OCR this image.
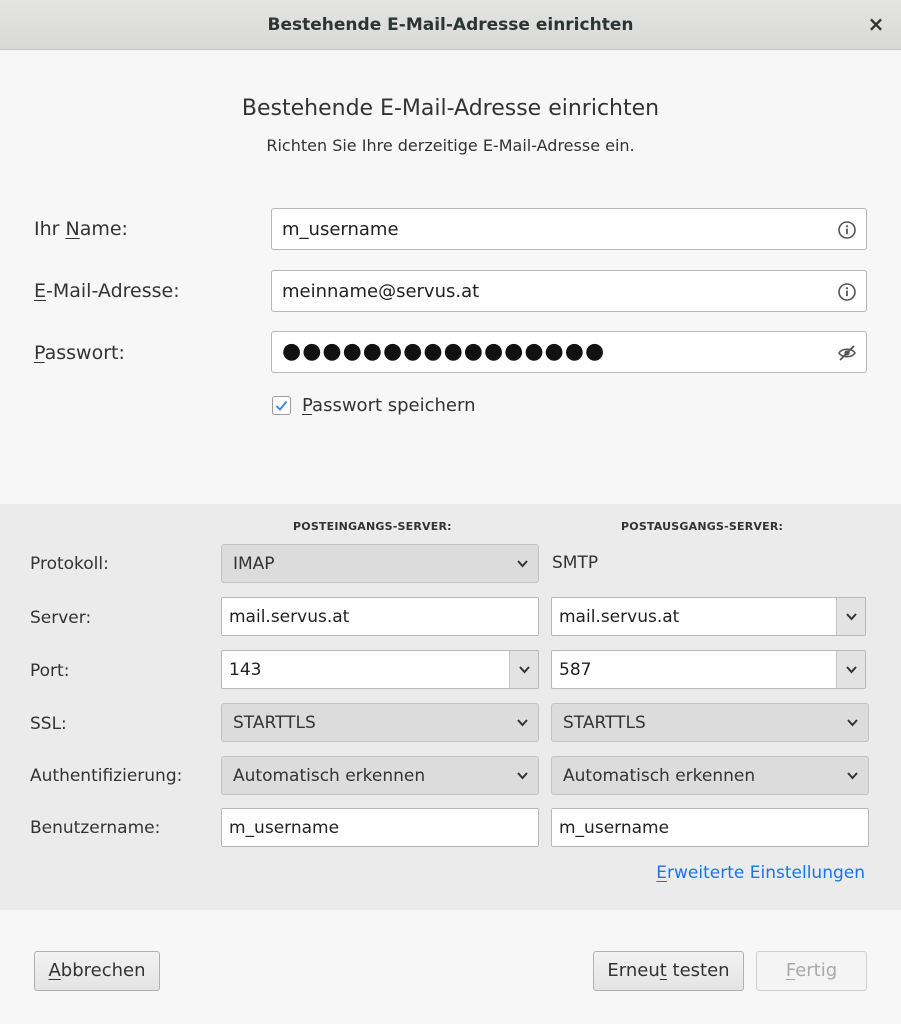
Bestehende E-Mail-Adresse einrichten	×
Bestehende E-Mail-Adresse einrichten
Richten Sie Ihre derzeitige E-Mail-Adresse ein.
Ihr Name:	m_username
E-Mail-Adresse:	meinname@servus.at
Passwort:	●●●●●●●●●●●●●●●●
Passwort speichern
POSTEINGANGS-SERVER:	POSTAUSGANGS-SERVER:
Protokoll:	IMAP	SMTP
Server:	mail.servus.at	mail.servus.at
Port:	143	587
SSL:	STARTTLS	STARTTLS
Authentifizierung:	Automatisch erkennen	Automatisch erkennen
Benutzername:	m_username	m_username
Erweiterte Einstellungen
Abbrechen	Erneut testen	Fertig
